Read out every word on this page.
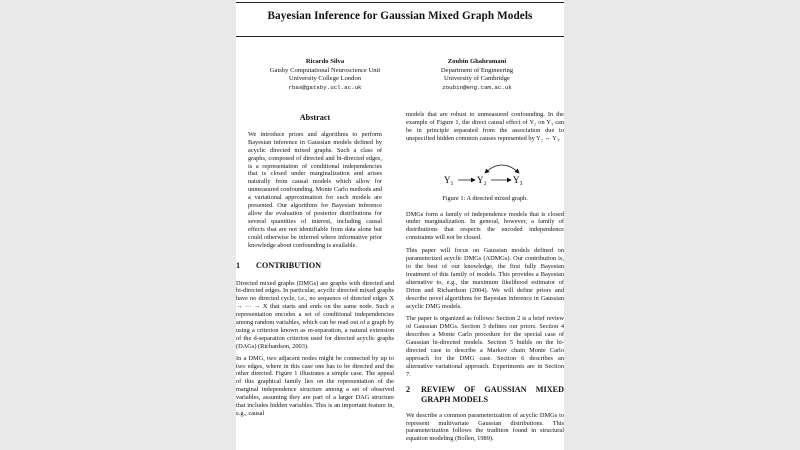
Bayesian Inference for Gaussian Mixed Graph Models
Ricardo Silva
Gatsby Computational Neuroscience Unit
University College London
rbas@gatsby.ucl.ac.uk
Zoubin Ghahramani
Department of Engineering
University of Cambridge
zoubin@eng.cam.ac.uk
Abstract
We introduce priors and algorithms to perform Bayesian inference in Gaussian models defined by acyclic directed mixed graphs. Such a class of graphs, composed of directed and bi-directed edges, is a representation of conditional independencies that is closed under marginalization and arises naturally from causal models which allow for unmeasured confounding. Monte Carlo methods and a variational approximation for such models are presented. Our algorithms for Bayesian inference allow the evaluation of posterior distributions for several quantities of interest, including causal effects that are not identifiable from data alone but could otherwise be inferred where informative prior knowledge about confounding is available.
1 CONTRIBUTION
Directed mixed graphs (DMGs) are graphs with directed and bi-directed edges. In particular, acyclic directed mixed graphs have no directed cycle, i.e., no sequence of directed edges X → ··· → X that starts and ends on the same node. Such a representation encodes a set of conditional independencies among random variables, which can be read out of a graph by using a criterion known as m-separation, a natural extension of the d-separation criterion used for directed acyclic graphs (DAGs) (Richardson, 2003).
In a DMG, two adjacent nodes might be connected by up to two edges, where in this case one has to be directed and the other directed. Figure 1 illustrates a simple case. The appeal of this graphical family lies on the representation of the marginal independence structure among a set of observed variables, assuming they are part of a larger DAG structure that includes hidden variables. This is an important feature in, e.g., causal
models that are robust to unmeasured confounding. In the example of Figure 1, the direct causal effect of Y₂ on Y₃ can be in principle separated from the association due to unspecified hidden common causes represented by Y₂ ↔ Y₃.
Y₁	Y₂	Y₃
Figure 1: A directed mixed graph.
DMGs form a family of independence models that is closed under marginalization. In general, however, a family of distributions that respects the encoded independence constraints will not be closed.
This paper will focus on Gaussian models defined on parameterized acyclic DMGs (ADMGs). Our contribution is, to the best of our knowledge, the first fully Bayesian treatment of this family of models. This provides a Bayesian alternative to, e.g., the maximum likelihood estimator of Drton and Richardson (2004). We will define priors and describe novel algorithms for Bayesian inference in Gaussian acyclic DMG models.
The paper is organized as follows: Section 2 is a brief review of Gaussian DMGs. Section 3 defines our priors. Section 4 describes a Monte Carlo procedure for the special case of Gaussian bi-directed models. Section 5 builds on the bi-directed case to describe a Markov chain Monte Carlo approach for the DMG case. Section 6 describes an alternative variational approach. Experiments are in Section 7.
2	REVIEW OF GAUSSIAN MIXED GRAPH MODELS
We describe a common parameterization of acyclic DMGs to represent multivariate Gaussian distributions. This parameterization follows the tradition found in structural equation modeling (Bollen, 1989).
